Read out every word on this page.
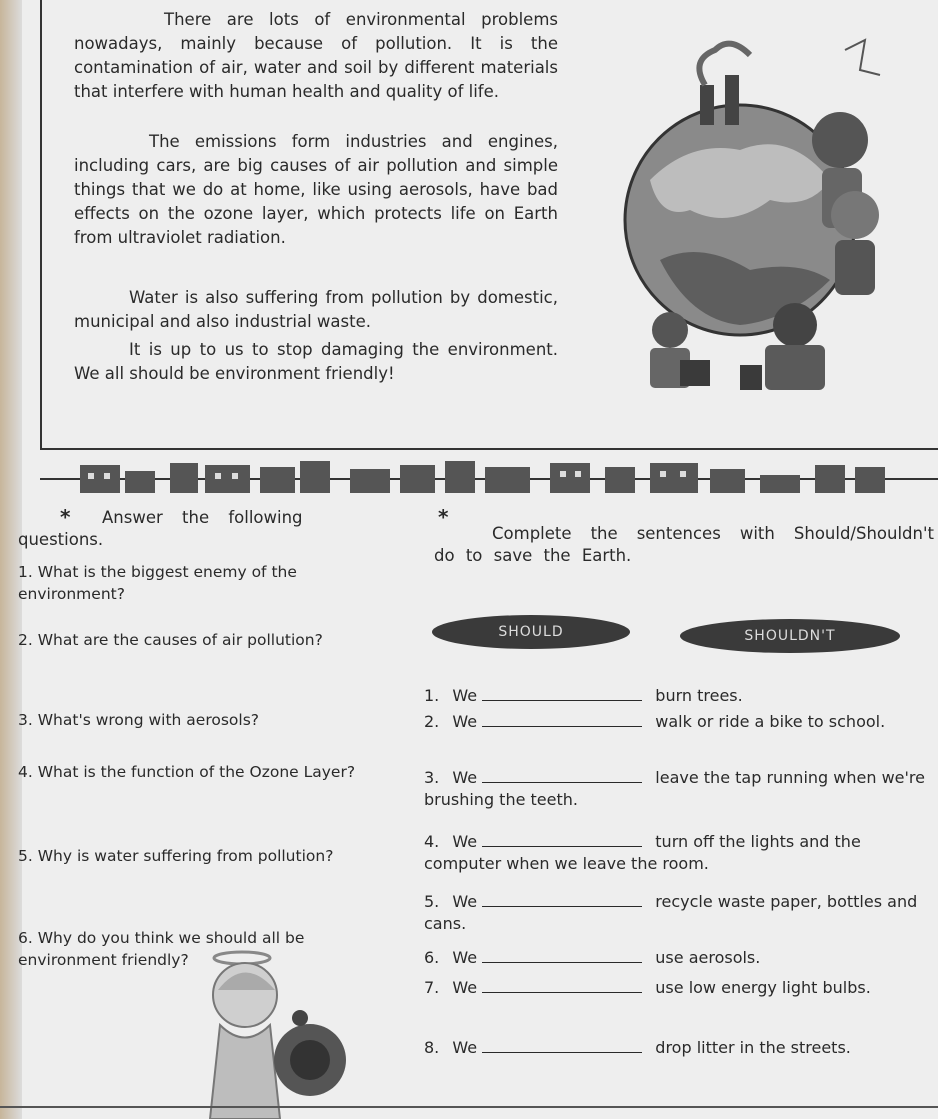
There are lots of environmental problems nowadays, mainly because of pollution. It is the contamination of air, water and soil by different materials that interfere with human health and quality of life.

The emissions form industries and engines, including cars, are big causes of air pollution and simple things that we do at home, like using aerosols, have bad effects on the ozone layer, which protects life on Earth from ultraviolet radiation.

Water is also suffering from pollution by domestic, municipal and also industrial waste.

It is up to us to stop damaging the environment. We all should be environment friendly!

*	Answer the following questions.

1. What is the biggest enemy of the environment?

2. What are the causes of air pollution?

3. What's wrong with aerosols?

4. What is the function of the Ozone Layer?

5. Why is water suffering from pollution?

6. Why do you think we should all be environment friendly?

*

Complete the sentences with Should/Shouldn't do to save the Earth.

SHOULD	SHOULDN'T
1. We	burn trees.
2. We	walk or ride a bike to school.
3. We	leave the tap running when we're brushing the teeth.
4. We	turn off the lights and the computer when we leave the room.
5. We	recycle waste paper, bottles and cans.
6. We	use aerosols.
7. We	use low energy light bulbs.
8. We	drop litter in the streets.
